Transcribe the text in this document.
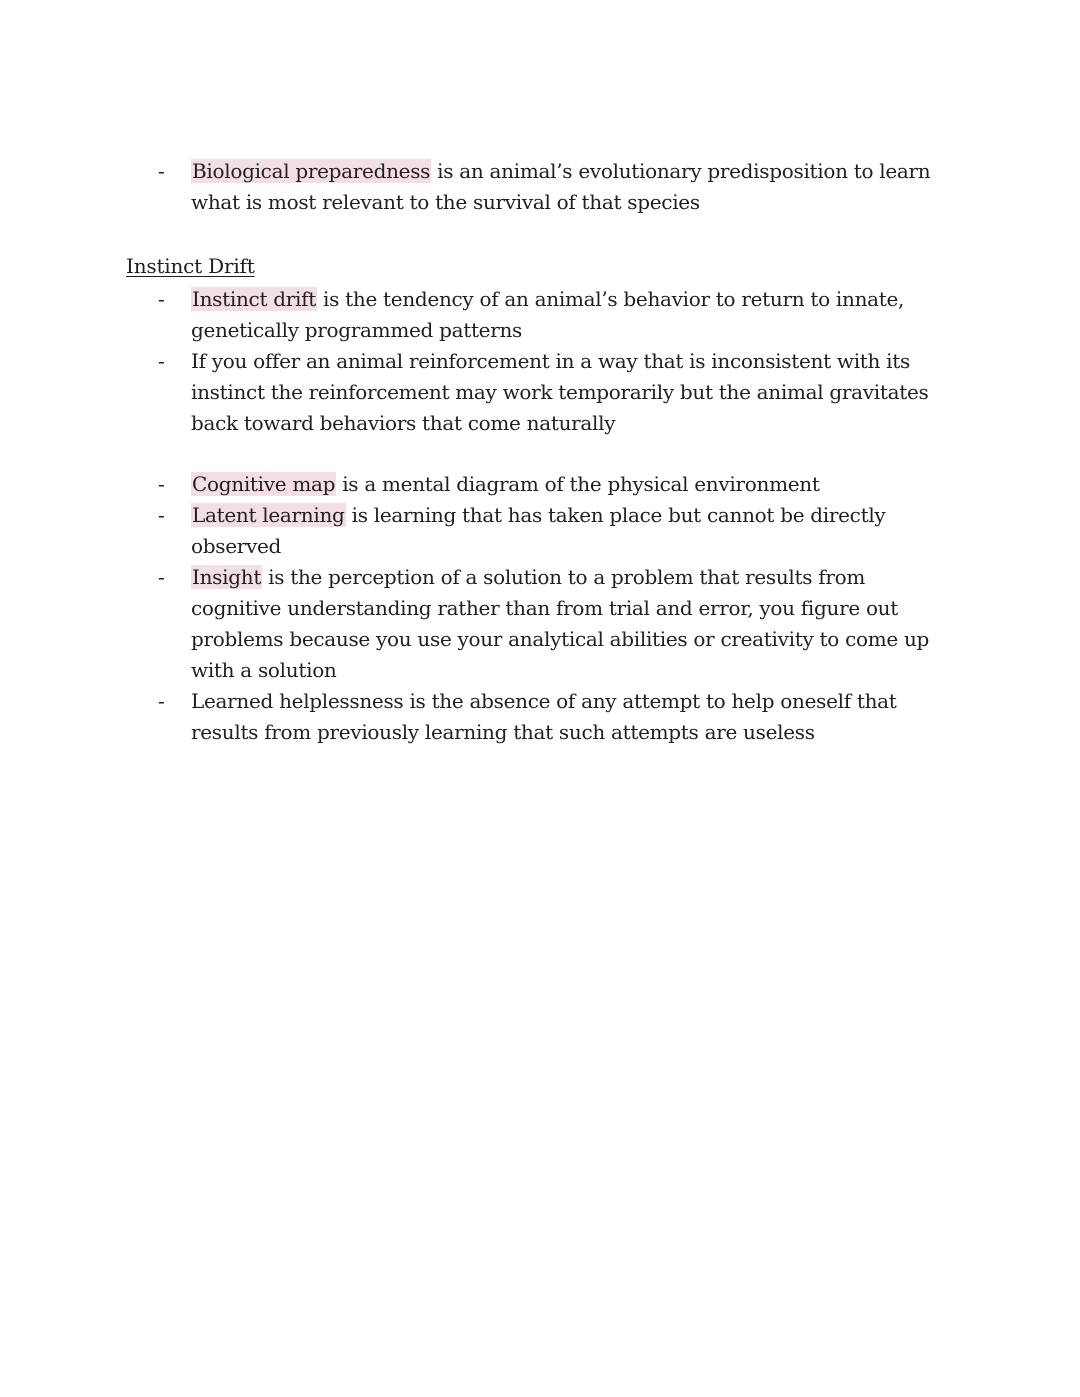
- Biological preparedness is an animal’s evolutionary predisposition to learn what is most relevant to the survival of that species
Instinct Drift
- Instinct drift is the tendency of an animal’s behavior to return to innate, genetically programmed patterns
- If you offer an animal reinforcement in a way that is inconsistent with its instinct the reinforcement may work temporarily but the animal gravitates back toward behaviors that come naturally
- Cognitive map is a mental diagram of the physical environment
- Latent learning is learning that has taken place but cannot be directly observed
- Insight is the perception of a solution to a problem that results from cognitive understanding rather than from trial and error, you figure out problems because you use your analytical abilities or creativity to come up with a solution
- Learned helplessness is the absence of any attempt to help oneself that results from previously learning that such attempts are useless
